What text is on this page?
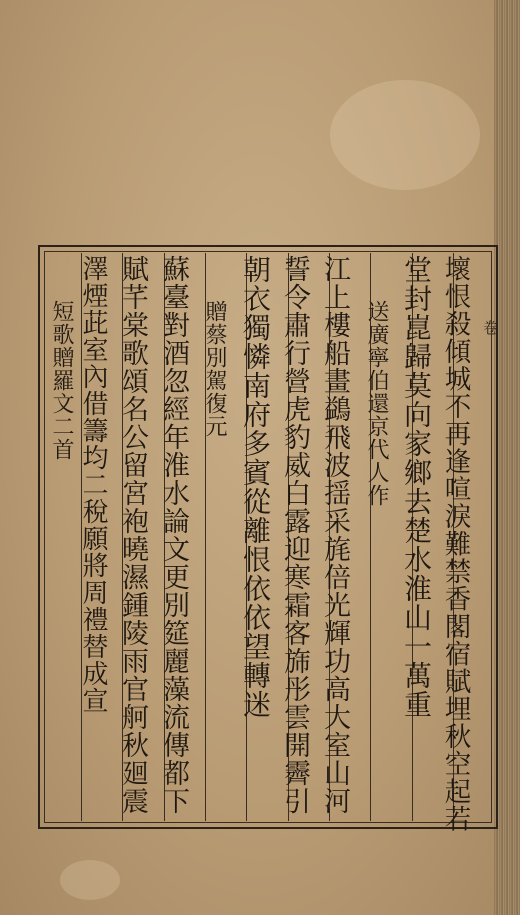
壞恨殺傾城不再逢喧淚難禁香閣宿賦埋秋空起若
堂封崑歸莫向家鄉去楚水淮山一萬重
送廣寧伯還京代人作
江上樓船畫鷁飛波揺采旄倍光輝功高大室山河
誓令肅行營虎豹威白露迎寒霜客旆彤雲開霽引
朝衣獨憐南府多賓從離恨依依望轉迷
贈蔡別駕復元
蘇臺對酒忽經年淮水論文更別筵麗藻流傳都下
賦芊棠歌頌名公留宮袍曉濕鍾陵雨官舸秋廻震
澤煙茈室內借籌均二稅願將周禮替成宣
短歌贈羅文二首	卷
